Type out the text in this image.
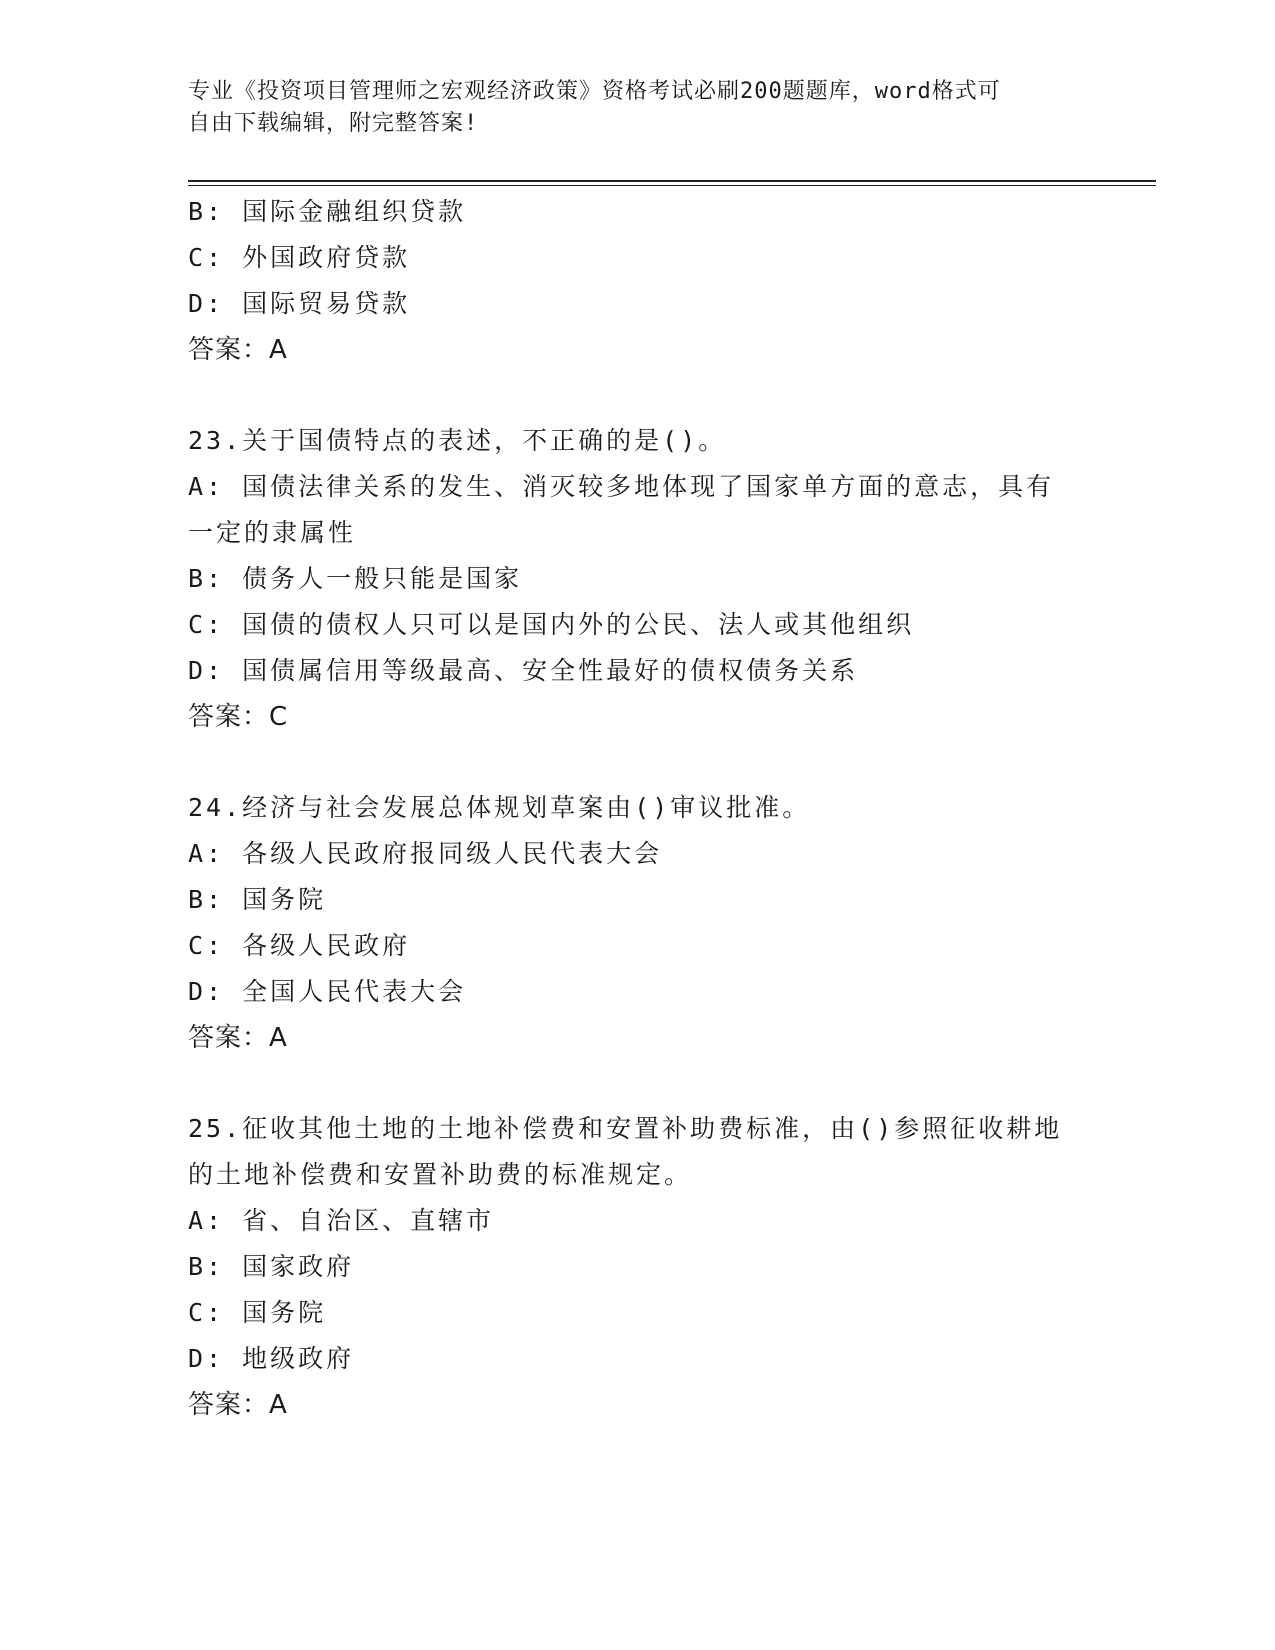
专业《投资项目管理师之宏观经济政策》资格考试必刷200题题库，word格式可
自由下载编辑，附完整答案!
B: 国际金融组织贷款
C: 外国政府贷款
D: 国际贸易贷款
答案：A
23.关于国债特点的表述，不正确的是()。
A: 国债法律关系的发生、消灭较多地体现了国家单方面的意志，具有
一定的隶属性
B: 债务人一般只能是国家
C: 国债的债权人只可以是国内外的公民、法人或其他组织
D: 国债属信用等级最高、安全性最好的债权债务关系
答案：C
24.经济与社会发展总体规划草案由()审议批准。
A: 各级人民政府报同级人民代表大会
B: 国务院
C: 各级人民政府
D: 全国人民代表大会
答案：A
25.征收其他土地的土地补偿费和安置补助费标准，由()参照征收耕地
的土地补偿费和安置补助费的标准规定。
A: 省、自治区、直辖市
B: 国家政府
C: 国务院
D: 地级政府
答案：A
